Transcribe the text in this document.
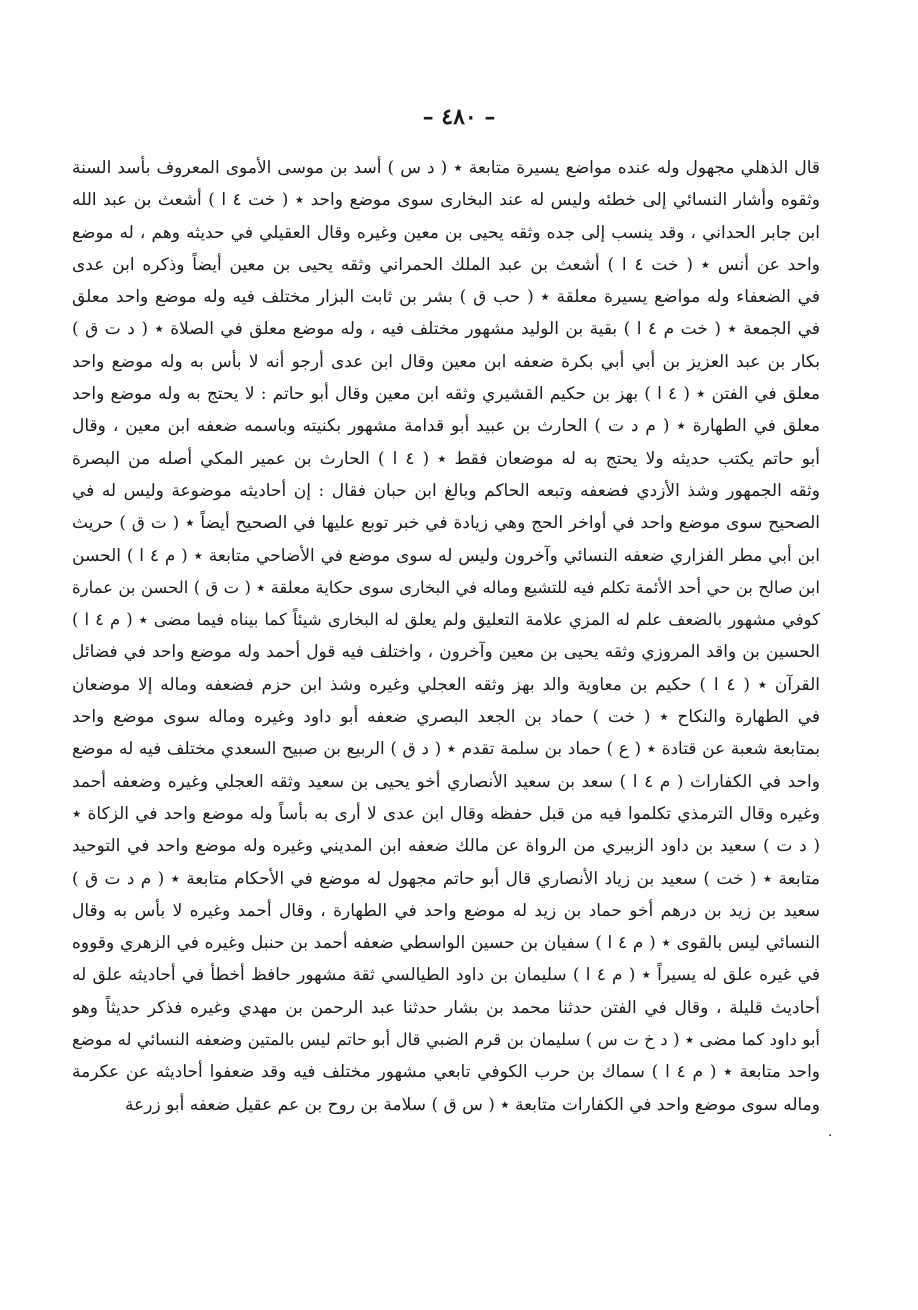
– ٤٨٠ –
قال الذهلي مجهول وله عنده مواضع يسيرة متابعة ‎٭ ( د س ) أسد بن موسى الأموى المعروف بأسد السنة
وثقوه وأشار النسائي إلى خطئه وليس له عند البخارى سوى موضع واحد ‎٭ ( خت ٤ ا ) أشعث بن عبد الله
ابن جابر الحداني ، وقد ينسب إلى جده وثقه يحيى بن معين وغيره وقال العقيلي في حديثه وهم ، له موضع
واحد عن أنس ‎٭ ( خت ٤ ا ) أشعث بن عبد الملك الحمراني وثقه يحيى بن معين أيضاً وذكره ابن عدى
في الضعفاء وله مواضع يسيرة معلقة ‎٭ ( حب ق ) بشر بن ثابت البزار مختلف فيه وله موضع واحد معلق
في الجمعة ‎٭ ( خت م ٤ ا ) بقية بن الوليد مشهور مختلف فيه ، وله موضع معلق في الصلاة ‎٭ ( د ت ق )
بكار بن عبد العزيز بن أبي أبي بكرة ضعفه ابن معين وقال ابن عدى أرجو أنه لا بأس به وله موضع واحد
معلق في الفتن ‎٭ ( ٤ ا ) بهز بن حكيم القشيري وثقه ابن معين وقال أبو حاتم : لا يحتج به وله موضع واحد
معلق في الطهارة ‎٭ ( م د ت ) الحارث بن عبيد أبو قدامة مشهور بكنيته وباسمه ضعفه ابن معين ، وقال
أبو حاتم يكتب حديثه ولا يحتج به له موضعان فقط ‎٭ ( ٤ ا ) الحارث بن عمير المكي أصله من البصرة
وثقه الجمهور وشذ الأزدي فضعفه وتبعه الحاكم وبالغ ابن حبان فقال : إن أحاديثه موضوعة وليس له في
الصحيح سوى موضع واحد في أواخر الحج وهي زيادة في خبر توبع عليها في الصحيح أيضاً ‎٭ ( ت ق ) حريث
ابن أبي مطر الفزاري ضعفه النسائي وآخرون وليس له سوى موضع في الأضاحي متابعة ‎٭ ( م ٤ ا ) الحسن
ابن صالح بن حي أحد الأئمة تكلم فيه للتشيع وماله في البخارى سوى حكاية معلقة ‎٭ ( ت ق ) الحسن بن عمارة
كوفي مشهور بالضعف علم له المزي علامة التعليق ولم يعلق له البخارى شيئاً كما بيناه فيما مضى ‎٭ ( م ٤ ا )
الحسين بن واقد المروزي وثقه يحيى بن معين وآخرون ، واختلف فيه قول أحمد وله موضع واحد في فضائل
القرآن ‎٭ ( ٤ ا ) حكيم بن معاوية والد بهز وثقه العجلي وغيره وشذ ابن حزم فضعفه وماله إلا موضعان
في الطهارة والنكاح ‎٭ ( خت ) حماد بن الجعد البصري ضعفه أبو داود وغيره وماله سوى موضع واحد
بمتابعة شعبة عن قتادة ‎٭ ( ع ) حماد بن سلمة تقدم ‎٭ ( د ق ) الربيع بن صبيح السعدي مختلف فيه له موضع
واحد في الكفارات ( م ٤ ا ) سعد بن سعيد الأنصاري أخو يحيى بن سعيد وثقه العجلي وغيره وضعفه أحمد
وغيره وقال الترمذي تكلموا فيه من قبل حفظه وقال ابن عدى لا أرى به بأساً وله موضع واحد في الزكاة ‎٭
( د ت ) سعيد بن داود الزبيري من الرواة عن مالك ضعفه ابن المديني وغيره وله موضع واحد في التوحيد
متابعة ‎٭ ( خت ) سعيد بن زياد الأنصاري قال أبو حاتم مجهول له موضع في الأحكام متابعة ‎٭ ( م د ت ق )
سعيد بن زيد بن درهم أخو حماد بن زيد له موضع واحد في الطهارة ، وقال أحمد وغيره لا بأس به وقال
النسائي ليس بالقوى ‎٭ ( م ٤ ا ) سفيان بن حسين الواسطي ضعفه أحمد بن حنبل وغيره في الزهري وقووه
في غيره علق له يسيراً ‎٭ ( م ٤ ا ) سليمان بن داود الطيالسي ثقة مشهور حافظ أخطأ في أحاديثه علق له
أحاديث قليلة ، وقال في الفتن حدثنا محمد بن بشار حدثنا عبد الرحمن بن مهدي وغيره فذكر حديثاً وهو
أبو داود كما مضى ‎٭ ( د خ ت س ) سليمان بن قرم الضبي قال أبو حاتم ليس بالمتين وضعفه النسائي له موضع
واحد متابعة ‎٭ ( م ٤ ا ) سماك بن حرب الكوفي تابعي مشهور مختلف فيه وقد ضعفوا أحاديثه عن عكرمة
وماله سوى موضع واحد في الكفارات متابعة ‎٭ ( س ق ) سلامة بن روح بن عم عقيل ضعفه أبو زرعة
.
